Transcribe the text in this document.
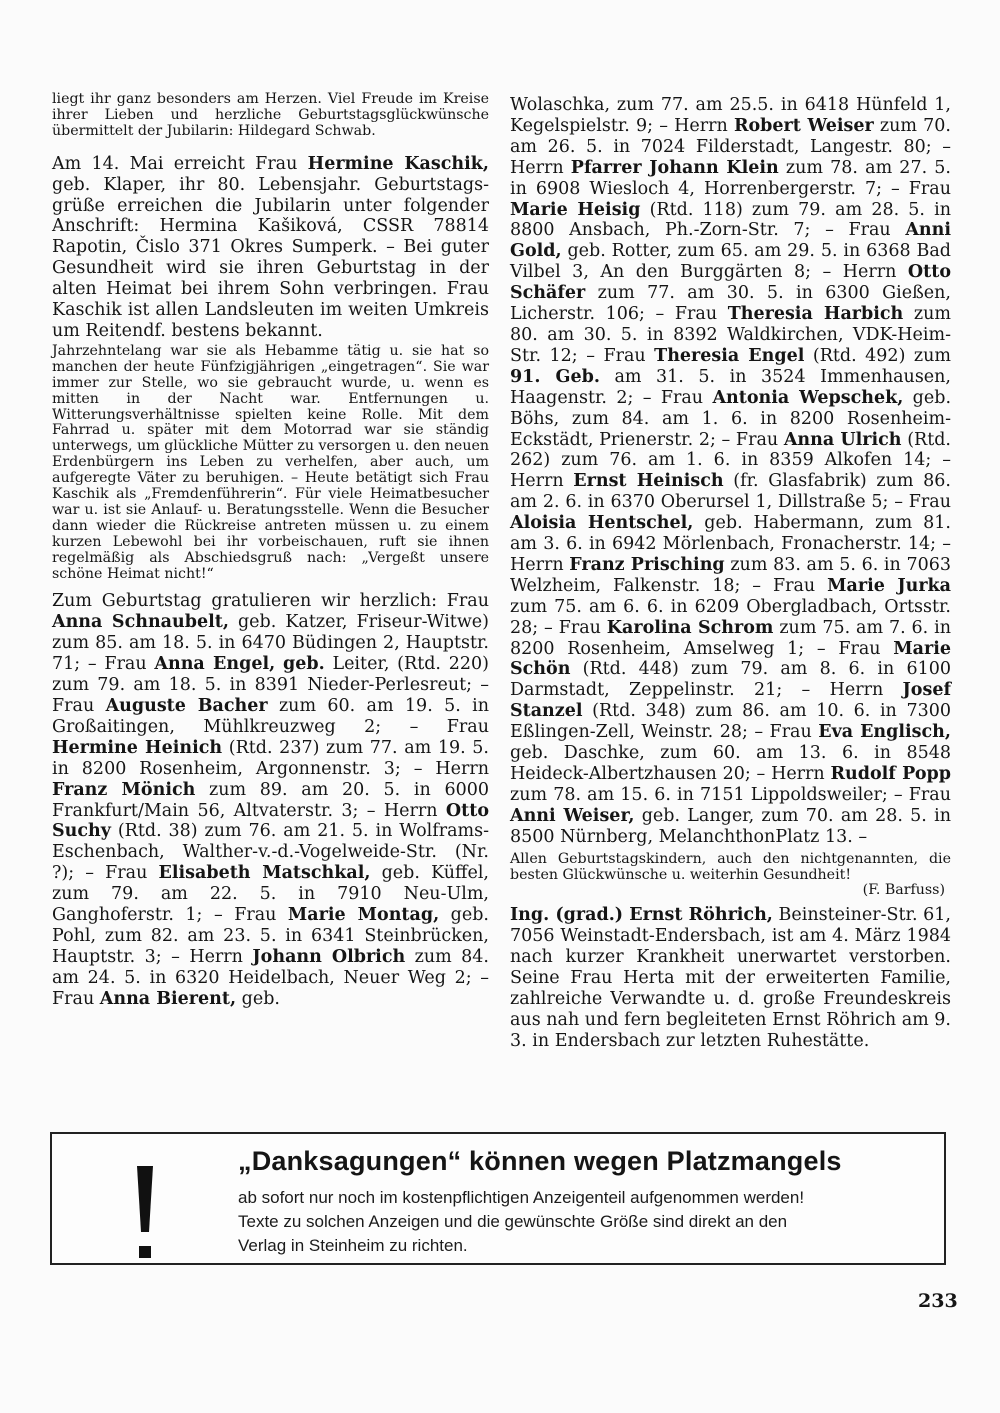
liegt ihr ganz besonders am Herzen. Viel Freude im Kreise ihrer Lieben und herzliche Geburtstagsglückwünsche übermittelt der Jubilarin: Hildegard Schwab.

Am 14. Mai erreicht Frau Hermine Kaschik, geb. Klaper, ihr 80. Lebensjahr. Geburtstagsgrüße erreichen die Jubilarin unter folgender Anschrift: Hermina Kašiková, CSSR 78814 Rapotin, Čislo 371 Okres Sumperk. – Bei guter Gesundheit wird sie ihren Geburtstag in der alten Heimat bei ihrem Sohn verbringen. Frau Kaschik ist allen Landsleuten im weiten Umkreis um Reitendf. bestens bekannt.

Jahrzehntelang war sie als Hebamme tätig u. sie hat so manchen der heute Fünfzigjährigen „eingetragen“. Sie war immer zur Stelle, wo sie gebraucht wurde, u. wenn es mitten in der Nacht war. Entfernungen u. Witterungsverhältnisse spielten keine Rolle. Mit dem Fahrrad u. später mit dem Motorrad war sie ständig unterwegs, um glückliche Mütter zu versorgen u. den neuen Erdenbürgern ins Leben zu verhelfen, aber auch, um aufgeregte Väter zu beruhigen. – Heute betätigt sich Frau Kaschik als „Fremdenführerin“. Für viele Heimatbesucher war u. ist sie Anlauf- u. Beratungsstelle. Wenn die Besucher dann wieder die Rückreise antreten müssen u. zu einem kurzen Lebewohl bei ihr vorbeischauen, ruft sie ihnen regelmäßig als Abschiedsgruß nach: „Vergeßt unsere schöne Heimat nicht!“

Zum Geburtstag gratulieren wir herzlich: Frau Anna Schnaubelt, geb. Katzer, Friseur-Witwe) zum 85. am 18. 5. in 6470 Büdingen 2, Hauptstr. 71; – Frau Anna Engel, geb. Leiter, (Rtd. 220) zum 79. am 18. 5. in 8391 Nieder-Perlesreut; – Frau Auguste Bacher zum 60. am 19. 5. in Großaitingen, Mühlkreuzweg 2; – Frau Hermine Heinich (Rtd. 237) zum 77. am 19. 5. in 8200 Rosenheim, Argonnenstr. 3; – Herrn Franz Mönich zum 89. am 20. 5. in 6000 Frankfurt/Main 56, Altvaterstr. 3; – Herrn Otto Suchy (Rtd. 38) zum 76. am 21. 5. in Wolframs-Eschenbach, Walther-v.-d.-Vogelweide-Str. (Nr. ?); – Frau Elisabeth Matschkal, geb. Küffel, zum 79. am 22. 5. in 7910 Neu-Ulm, Ganghoferstr. 1; – Frau Marie Montag, geb. Pohl, zum 82. am 23. 5. in 6341 Steinbrücken, Hauptstr. 3; – Herrn Johann Olbrich zum 84. am 24. 5. in 6320 Heidelbach, Neuer Weg 2; – Frau Anna Bierent, geb.

Wolaschka, zum 77. am 25.5. in 6418 Hünfeld 1, Kegelspielstr. 9; – Herrn Robert Weiser zum 70. am 26. 5. in 7024 Filderstadt, Langestr. 80; – Herrn Pfarrer Johann Klein zum 78. am 27. 5. in 6908 Wiesloch 4, Horrenbergerstr. 7; – Frau Marie Heisig (Rtd. 118) zum 79. am 28. 5. in 8800 Ansbach, Ph.-Zorn-Str. 7; – Frau Anni Gold, geb. Rotter, zum 65. am 29. 5. in 6368 Bad Vilbel 3, An den Burggärten 8; – Herrn Otto Schäfer zum 77. am 30. 5. in 6300 Gießen, Licherstr. 106; – Frau Theresia Harbich zum 80. am 30. 5. in 8392 Waldkirchen, VDK-Heim-Str. 12; – Frau Theresia Engel (Rtd. 492) zum 91. Geb. am 31. 5. in 3524 Immenhausen, Haagenstr. 2; – Frau Antonia Wepschek, geb. Böhs, zum 84. am 1. 6. in 8200 Rosenheim-Eckstädt, Prienerstr. 2; – Frau Anna Ulrich (Rtd. 262) zum 76. am 1. 6. in 8359 Alkofen 14; – Herrn Ernst Heinisch (fr. Glasfabrik) zum 86. am 2. 6. in 6370 Oberursel 1, Dillstraße 5; – Frau Aloisia Hentschel, geb. Habermann, zum 81. am 3. 6. in 6942 Mörlenbach, Fronacherstr. 14; – Herrn Franz Prisching zum 83. am 5. 6. in 7063 Welzheim, Falkenstr. 18; – Frau Marie Jurka zum 75. am 6. 6. in 6209 Obergladbach, Ortsstr. 28; – Frau Karolina Schrom zum 75. am 7. 6. in 8200 Rosenheim, Amselweg 1; – Frau Marie Schön (Rtd. 448) zum 79. am 8. 6. in 6100 Darmstadt, Zeppelinstr. 21; – Herrn Josef Stanzel (Rtd. 348) zum 86. am 10. 6. in 7300 Eßlingen-Zell, Weinstr. 28; – Frau Eva Englisch, geb. Daschke, zum 60. am 13. 6. in 8548 Heideck-Albertzhausen 20; – Herrn Rudolf Popp zum 78. am 15. 6. in 7151 Lippoldsweiler; – Frau Anni Weiser, geb. Langer, zum 70. am 28. 5. in 8500 Nürnberg, MelanchthonPlatz 13. –

Allen Geburtstagskindern, auch den nichtgenannten, die besten Glückwünsche u. weiterhin Gesundheit!
(F. Barfuss)

Ing. (grad.) Ernst Röhrich, Beinsteiner-Str. 61, 7056 Weinstadt-Endersbach, ist am 4. März 1984 nach kurzer Krankheit unerwartet verstorben. Seine Frau Herta mit der erweiterten Familie, zahlreiche Verwandte u. d. große Freundeskreis aus nah und fern begleiteten Ernst Röhrich am 9. 3. in Endersbach zur letzten Ruhestätte.

„Danksagungen“ können wegen Platzmangels

ab sofort nur noch im kostenpflichtigen Anzeigenteil aufgenommen werden!

Texte zu solchen Anzeigen und die gewünschte Größe sind direkt an den

Verlag in Steinheim zu richten.

233
